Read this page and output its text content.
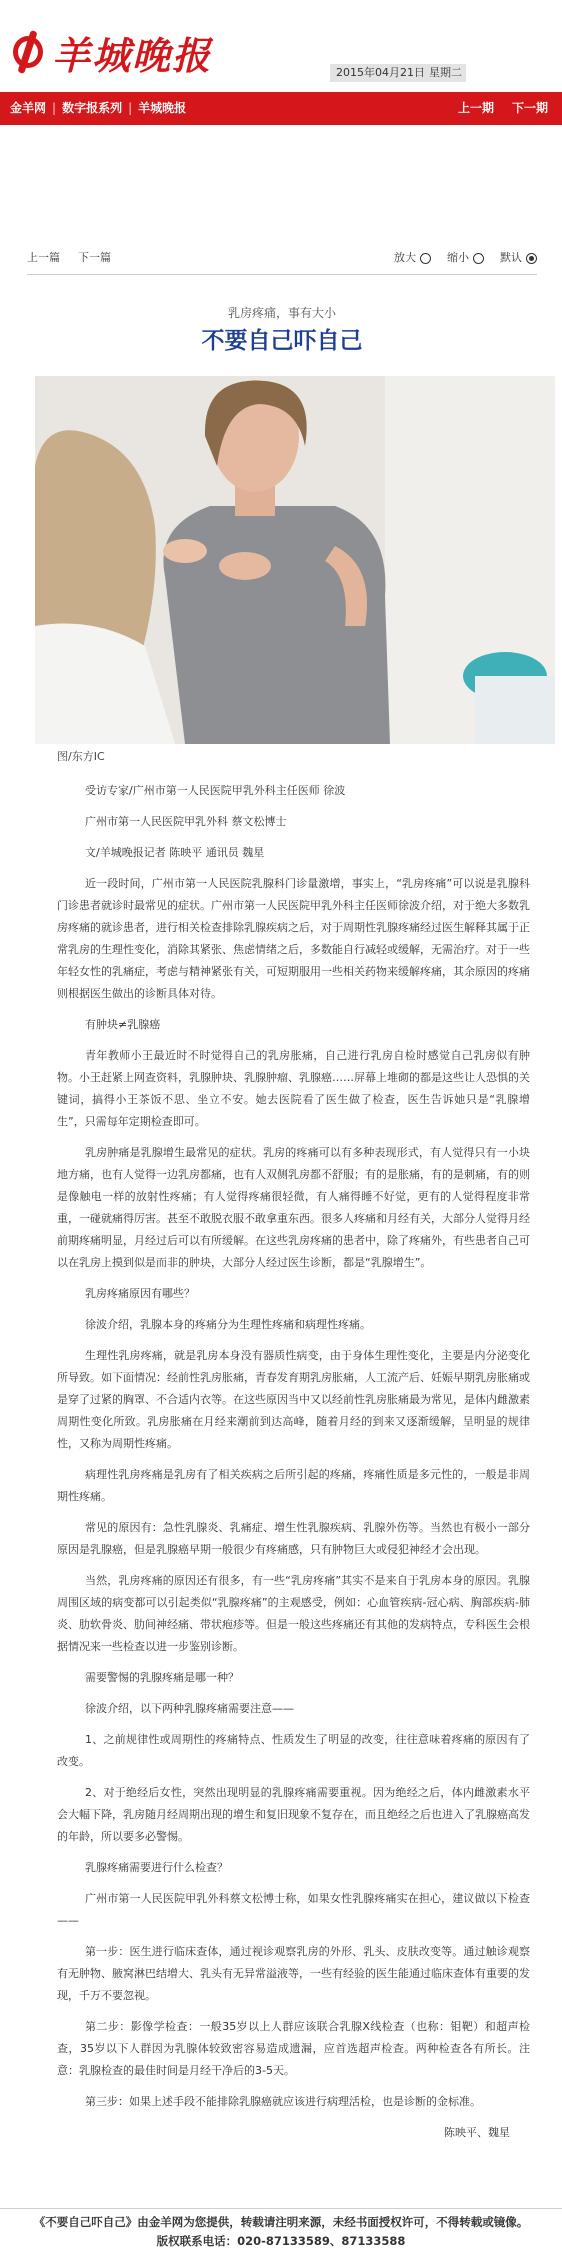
羊城晚报	2015年04月21日 星期二
金羊网 | 数字报系列 | 羊城晚报	上一期 下一期
上一篇 下一篇	放大	缩小	默认
乳房疼痛，事有大小
不要自己吓自己
图/东方IC

受访专家/广州市第一人民医院甲乳外科主任医师 徐波

广州市第一人民医院甲乳外科 蔡文松博士

文/羊城晚报记者 陈映平 通讯员 魏星

近一段时间，广州市第一人民医院乳腺科门诊量激增，事实上，“乳房疼痛”可以说是乳腺科门诊患者就诊时最常见的症状。广州市第一人民医院甲乳外科主任医师徐波介绍，对于绝大多数乳房疼痛的就诊患者，进行相关检查排除乳腺疾病之后，对于周期性乳腺疼痛经过医生解释其属于正常乳房的生理性变化，消除其紧张、焦虑情绪之后，多数能自行减轻或缓解，无需治疗。对于一些年轻女性的乳痛症，考虑与精神紧张有关，可短期服用一些相关药物来缓解疼痛，其余原因的疼痛则根据医生做出的诊断具体对待。

有肿块≠乳腺癌

青年教师小王最近时不时觉得自己的乳房胀痛，自己进行乳房自检时感觉自己乳房似有肿物。小王赶紧上网查资料，乳腺肿块、乳腺肿瘤、乳腺癌……屏幕上堆砌的都是这些让人恐惧的关键词，搞得小王茶饭不思、坐立不安。她去医院看了医生做了检查，医生告诉她只是“乳腺增生”，只需每年定期检查即可。

乳房肿痛是乳腺增生最常见的症状。乳房的疼痛可以有多种表现形式，有人觉得只有一小块地方痛，也有人觉得一边乳房都痛，也有人双侧乳房都不舒服；有的是胀痛，有的是刺痛，有的则是像触电一样的放射性疼痛；有人觉得疼痛很轻微，有人痛得睡不好觉，更有的人觉得程度非常重，一碰就痛得厉害。甚至不敢脱衣服不敢拿重东西。很多人疼痛和月经有关，大部分人觉得月经前期疼痛明显，月经过后可以有所缓解。在这些乳房疼痛的患者中，除了疼痛外，有些患者自己可以在乳房上摸到似是而非的肿块，大部分人经过医生诊断，都是“乳腺增生”。

乳房疼痛原因有哪些？

徐波介绍，乳腺本身的疼痛分为生理性疼痛和病理性疼痛。

生理性乳房疼痛，就是乳房本身没有器质性病变，由于身体生理性变化，主要是内分泌变化所导致。如下面情况：经前性乳房胀痛，青春发育期乳房胀痛，人工流产后、妊娠早期乳房胀痛或是穿了过紧的胸罩、不合适内衣等。在这些原因当中又以经前性乳房胀痛最为常见，是体内雌激素周期性变化所致。乳房胀痛在月经来潮前到达高峰，随着月经的到来又逐渐缓解，呈明显的规律性，又称为周期性疼痛。

病理性乳房疼痛是乳房有了相关疾病之后所引起的疼痛，疼痛性质是多元性的，一般是非周期性疼痛。

常见的原因有：急性乳腺炎、乳痛症、增生性乳腺疾病、乳腺外伤等。当然也有极小一部分原因是乳腺癌，但是乳腺癌早期一般很少有疼痛感，只有肿物巨大或侵犯神经才会出现。

当然，乳房疼痛的原因还有很多，有一些“乳房疼痛”其实不是来自于乳房本身的原因。乳腺周围区域的病变都可以引起类似“乳腺疼痛”的主观感受，例如：心血管疾病-冠心病、胸部疾病-肺炎、肋软骨炎、肋间神经痛、带状疱疹等。但是一般这些疼痛还有其他的发病特点，专科医生会根据情况来一些检查以进一步鉴别诊断。

需要警惕的乳腺疼痛是哪一种？

徐波介绍，以下两种乳腺疼痛需要注意——

1、之前规律性或周期性的疼痛特点、性质发生了明显的改变，往往意味着疼痛的原因有了改变。

2、对于绝经后女性，突然出现明显的乳腺疼痛需要重视。因为绝经之后，体内雌激素水平会大幅下降，乳房随月经周期出现的增生和复旧现象不复存在，而且绝经之后也进入了乳腺癌高发的年龄，所以要多必警惕。

乳腺疼痛需要进行什么检查？

广州市第一人民医院甲乳外科蔡文松博士称，如果女性乳腺疼痛实在担心，建议做以下检查——

第一步：医生进行临床查体，通过视诊观察乳房的外形、乳头、皮肤改变等。通过触诊观察有无肿物、腋窝淋巴结增大、乳头有无异常溢液等，一些有经验的医生能通过临床查体有重要的发现，千万不要忽视。

第二步：影像学检查：一般35岁以上人群应该联合乳腺X线检查（也称：钼靶）和超声检查，35岁以下人群因为乳腺体较致密容易造成遗漏，应首选超声检查。两种检查各有所长。注意：乳腺检查的最佳时间是月经干净后的3-5天。

第三步：如果上述手段不能排除乳腺癌就应该进行病理活检，也是诊断的金标准。

陈映平、魏星

《不要自己吓自己》由金羊网为您提供，转载请注明来源，未经书面授权许可，不得转载或镜像。
版权联系电话：020-87133589、87133588
